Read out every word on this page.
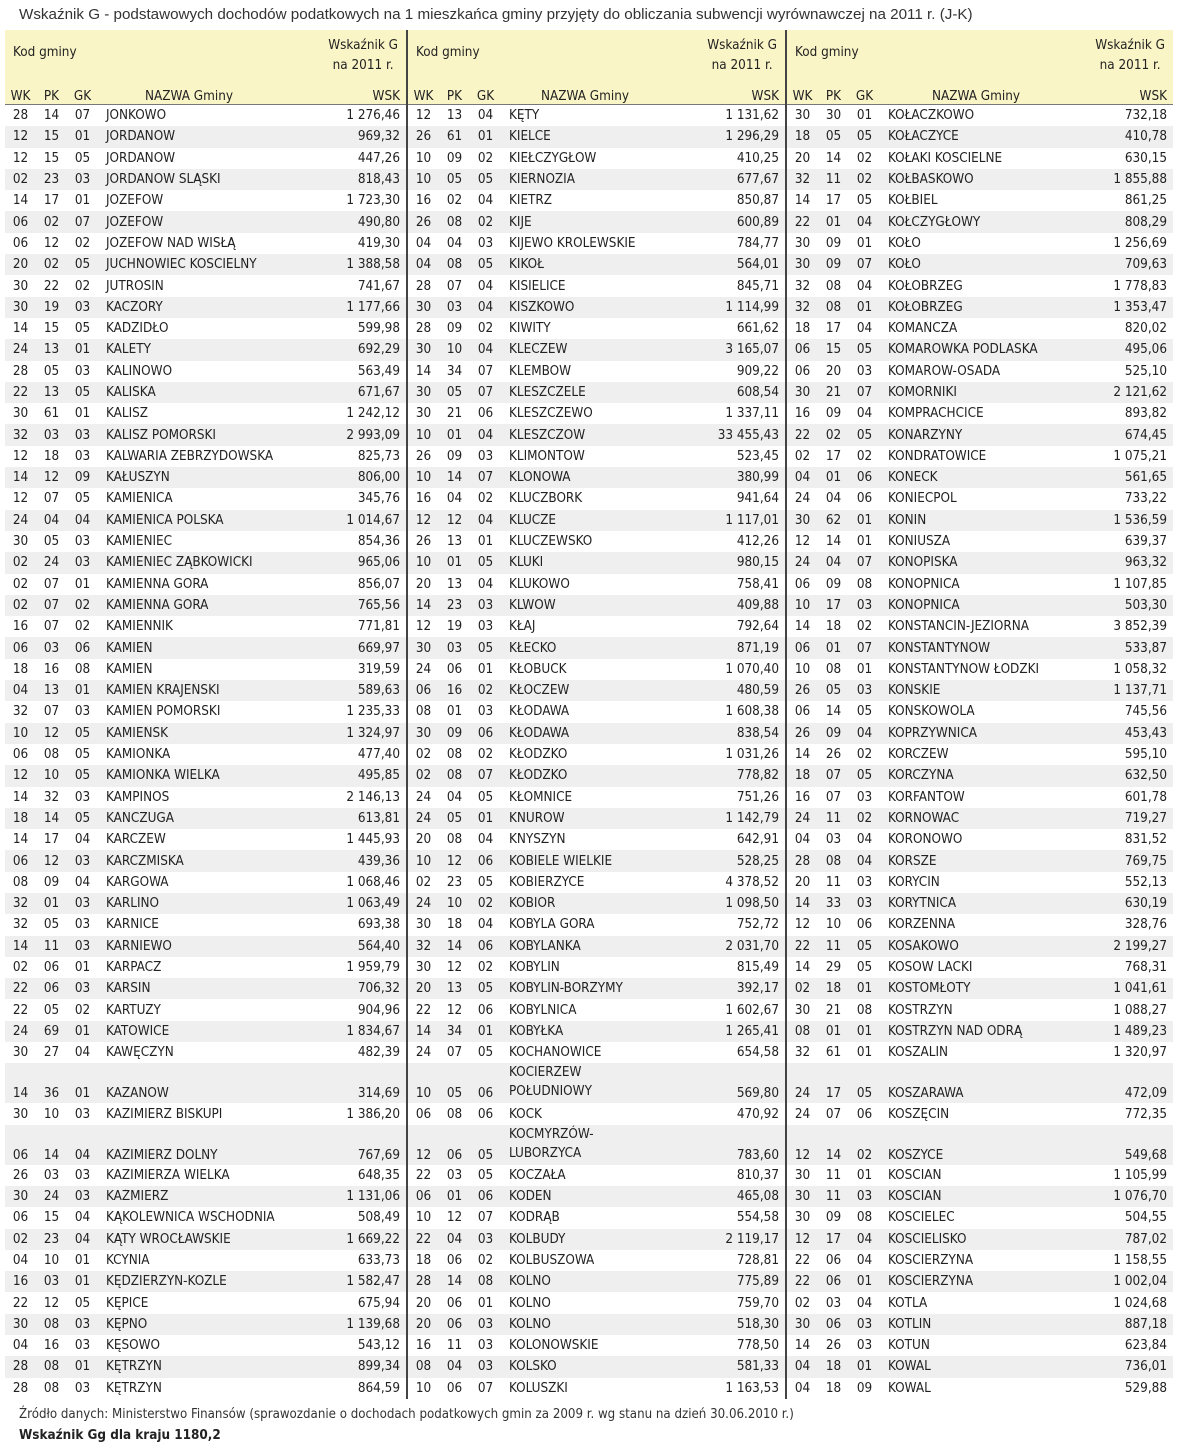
Wskaźnik G - podstawowych dochodów podatkowych na 1 mieszkańca gminy przyjęty do obliczania subwencji wyrównawczej na 2011 r. (J-K)
Kod gminy	Wskaźnik G
na 2011 r.
WK	PK	GK	NAZWA Gminy	WSK
28	14	07	JONKOWO	1 276,46
12	15	01	JORDANÓW	969,32
12	15	05	JORDANÓW	447,26
02	23	03	JORDANÓW ŚLĄSKI	818,43
14	17	01	JÓZEFÓW	1 723,30
06	02	07	JÓZEFÓW	490,80
06	12	02	JÓZEFÓW NAD WISŁĄ	419,30
20	02	05	JUCHNOWIEC KOŚCIELNY	1 388,58
30	22	02	JUTROSIN	741,67
30	19	03	KACZORY	1 177,66
14	15	05	KADZIDŁO	599,98
24	13	01	KALETY	692,29
28	05	03	KALINOWO	563,49
22	13	05	KALISKA	671,67
30	61	01	KALISZ	1 242,12
32	03	03	KALISZ POMORSKI	2 993,09
12	18	03	KALWARIA ZEBRZYDOWSKA	825,73
14	12	09	KAŁUSZYN	806,00
12	07	05	KAMIENICA	345,76
24	04	04	KAMIENICA POLSKA	1 014,67
30	05	03	KAMIENIEC	854,36
02	24	03	KAMIENIEC ZĄBKOWICKI	965,06
02	07	01	KAMIENNA GÓRA	856,07
02	07	02	KAMIENNA GÓRA	765,56
16	07	02	KAMIENNIK	771,81
06	03	06	KAMIEŃ	669,97
18	16	08	KAMIEŃ	319,59
04	13	01	KAMIEŃ KRAJEŃSKI	589,63
32	07	03	KAMIEŃ POMORSKI	1 235,33
10	12	05	KAMIEŃSK	1 324,97
06	08	05	KAMIONKA	477,40
12	10	05	KAMIONKA WIELKA	495,85
14	32	03	KAMPINOS	2 146,13
18	14	05	KAŃCZUGA	613,81
14	17	04	KARCZEW	1 445,93
06	12	03	KARCZMISKA	439,36
08	09	04	KARGOWA	1 068,46
32	01	03	KARLINO	1 063,49
32	05	03	KARNICE	693,38
14	11	03	KARNIEWO	564,40
02	06	01	KARPACZ	1 959,79
22	06	03	KARSIN	706,32
22	05	02	KARTUZY	904,96
24	69	01	KATOWICE	1 834,67
30	27	04	KAWĘCZYN	482,39
14	36	01	KAZANÓW	314,69
30	10	03	KAZIMIERZ BISKUPI	1 386,20
06	14	04	KAZIMIERZ DOLNY	767,69
26	03	03	KAZIMIERZA WIELKA	648,35
30	24	03	KAŹMIERZ	1 131,06
06	15	04	KĄKOLEWNICA WSCHODNIA	508,49
02	23	04	KĄTY WROCŁAWSKIE	1 669,22
04	10	01	KCYNIA	633,73
16	03	01	KĘDZIERZYN-KOŹLE	1 582,47
22	12	05	KĘPICE	675,94
30	08	03	KĘPNO	1 139,68
04	16	03	KĘSOWO	543,12
28	08	01	KĘTRZYN	899,34
28	08	03	KĘTRZYN	864,59
Kod gminy	Wskaźnik G
na 2011 r.
WK	PK	GK	NAZWA Gminy	WSK
12	13	04	KĘTY	1 131,62
26	61	01	KIELCE	1 296,29
10	09	02	KIEŁCZYGŁÓW	410,25
10	05	05	KIERNOZIA	677,67
16	02	04	KIETRZ	850,87
26	08	02	KIJE	600,89
04	04	03	KIJEWO KRÓLEWSKIE	784,77
04	08	05	KIKÓŁ	564,01
28	07	04	KISIELICE	845,71
30	03	04	KISZKOWO	1 114,99
28	09	02	KIWITY	661,62
30	10	04	KLECZEW	3 165,07
14	34	07	KLEMBÓW	909,22
30	05	07	KLESZCZELE	608,54
30	21	06	KLESZCZEWO	1 337,11
10	01	04	KLESZCZÓW	33 455,43
26	09	03	KLIMONTÓW	523,45
10	14	07	KLONOWA	380,99
16	04	02	KLUCZBORK	941,64
12	12	04	KLUCZE	1 117,01
26	13	01	KLUCZEWSKO	412,26
10	01	05	KLUKI	980,15
20	13	04	KLUKOWO	758,41
14	23	03	KLWÓW	409,88
12	19	03	KŁAJ	792,64
30	03	05	KŁECKO	871,19
24	06	01	KŁOBUCK	1 070,40
06	16	02	KŁOCZEW	480,59
08	01	03	KŁODAWA	1 608,38
30	09	06	KŁODAWA	838,54
02	08	02	KŁODZKO	1 031,26
02	08	07	KŁODZKO	778,82
24	04	05	KŁOMNICE	751,26
24	05	01	KNURÓW	1 142,79
20	08	04	KNYSZYN	642,91
10	12	06	KOBIELE WIELKIE	528,25
02	23	05	KOBIERZYCE	4 378,52
24	10	02	KOBIÓR	1 098,50
30	18	04	KOBYLA GÓRA	752,72
32	14	06	KOBYLANKA	2 031,70
30	12	02	KOBYLIN	815,49
20	13	05	KOBYLIN-BORZYMY	392,17
22	12	06	KOBYLNICA	1 602,67
14	34	01	KOBYŁKA	1 265,41
24	07	05	KOCHANOWICE	654,58
10	05	06
KOCIERZEW
POŁUDNIOWY	569,80
06	08	06	KOCK	470,92
12	06	05
KOCMYRZÓW-
LUBORZYCA	783,60
22	03	05	KOCZAŁA	810,37
06	01	06	KODEŃ	465,08
10	12	07	KODRĄB	554,58
22	04	03	KOLBUDY	2 119,17
18	06	02	KOLBUSZOWA	728,81
28	14	08	KOLNO	775,89
20	06	01	KOLNO	759,70
20	06	03	KOLNO	518,30
16	11	03	KOLONOWSKIE	778,50
08	04	03	KOLSKO	581,33
10	06	07	KOLUSZKI	1 163,53
Kod gminy	Wskaźnik G
na 2011 r.
WK	PK	GK	NAZWA Gminy	WSK
30	30	01	KOŁACZKOWO	732,18
18	05	05	KOŁACZYCE	410,78
20	14	02	KOŁAKI KOŚCIELNE	630,15
32	11	02	KOŁBASKOWO	1 855,88
14	17	05	KOŁBIEL	861,25
22	01	04	KOŁCZYGŁOWY	808,29
30	09	01	KOŁO	1 256,69
30	09	07	KOŁO	709,63
32	08	04	KOŁOBRZEG	1 778,83
32	08	01	KOŁOBRZEG	1 353,47
18	17	04	KOMAŃCZA	820,02
06	15	05	KOMARÓWKA PODLASKA	495,06
06	20	03	KOMARÓW-OSADA	525,10
30	21	07	KOMORNIKI	2 121,62
16	09	04	KOMPRACHCICE	893,82
22	02	05	KONARZYNY	674,45
02	17	02	KONDRATOWICE	1 075,21
04	01	06	KONECK	561,65
24	04	06	KONIECPOL	733,22
30	62	01	KONIN	1 536,59
12	14	01	KONIUSZA	639,37
24	04	07	KONOPISKA	963,32
06	09	08	KONOPNICA	1 107,85
10	17	03	KONOPNICA	503,30
14	18	02	KONSTANCIN-JEZIORNA	3 852,39
06	01	07	KONSTANTYNÓW	533,87
10	08	01	KONSTANTYNÓW ŁÓDZKI	1 058,32
26	05	03	KOŃSKIE	1 137,71
06	14	05	KOŃSKOWOLA	745,56
26	09	04	KOPRZYWNICA	453,43
14	26	02	KORCZEW	595,10
18	07	05	KORCZYNA	632,50
16	07	03	KORFANTÓW	601,78
24	11	02	KORNOWAC	719,27
04	03	04	KORONOWO	831,52
28	08	04	KORSZE	769,75
20	11	03	KORYCIN	552,13
14	33	03	KORYTNICA	630,19
12	10	06	KORZENNA	328,76
22	11	05	KOSAKOWO	2 199,27
14	29	05	KOSÓW LACKI	768,31
02	18	01	KOSTOMŁOTY	1 041,61
30	21	08	KOSTRZYN	1 088,27
08	01	01	KOSTRZYN NAD ODRĄ	1 489,23
32	61	01	KOSZALIN	1 320,97
24	17	05	KOSZARAWA	472,09
24	07	06	KOSZĘCIN	772,35
12	14	02	KOSZYCE	549,68
30	11	01	KOŚCIAN	1 105,99
30	11	03	KOŚCIAN	1 076,70
30	09	08	KOŚCIELEC	504,55
12	17	04	KOŚCIELISKO	787,02
22	06	04	KOŚCIERZYNA	1 158,55
22	06	01	KOŚCIERZYNA	1 002,04
02	03	04	KOTLA	1 024,68
30	06	03	KOTLIN	887,18
14	26	03	KOTUŃ	623,84
04	18	01	KOWAL	736,01
04	18	09	KOWAL	529,88
Źródło danych: Ministerstwo Finansów (sprawozdanie o dochodach podatkowych gmin za 2009 r. wg stanu na dzień 30.06.2010 r.)
Wskaźnik Gg dla kraju 1180,2
